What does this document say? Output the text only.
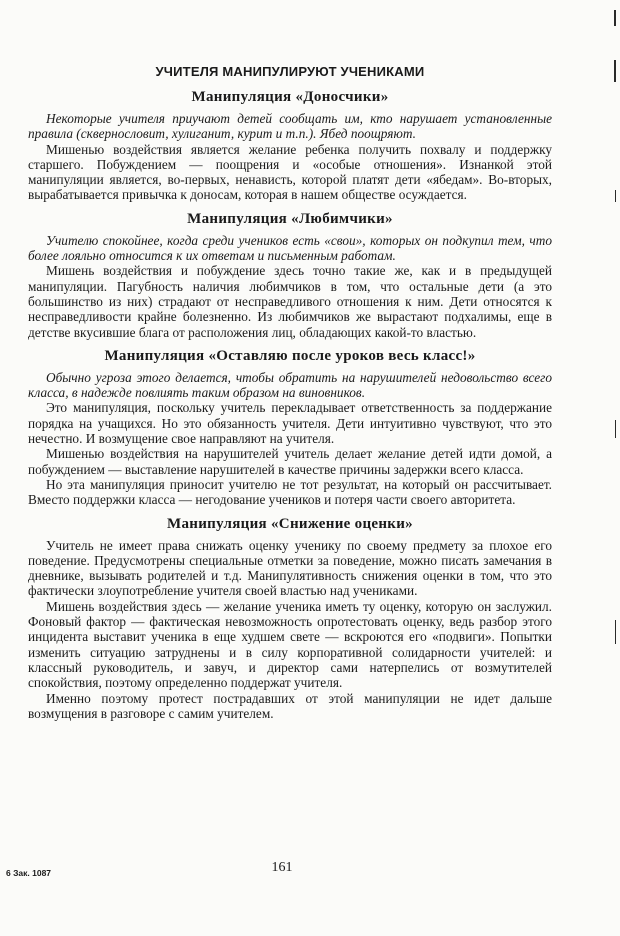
УЧИТЕЛЯ МАНИПУЛИРУЮТ УЧЕНИКАМИ
Манипуляция «Доносчики»

Некоторые учителя приучают детей сообщать им, кто нарушает установленные правила (сквернословит, хулиганит, курит и т.п.). Ябед поощряют.

Мишенью воздействия является желание ребенка получить похвалу и поддержку старшего. Побуждением — поощрения и «особые отношения». Изнанкой этой манипуляции является, во-первых, ненависть, которой платят дети «ябедам». Во-вторых, вырабатывается привычка к доносам, которая в нашем обществе осуждается.

Манипуляция «Любимчики»

Учителю спокойнее, когда среди учеников есть «свои», которых он подкупил тем, что более лояльно относится к их ответам и письменным работам.

Мишень воздействия и побуждение здесь точно такие же, как и в предыдущей манипуляции. Пагубность наличия любимчиков в том, что остальные дети (а это большинство из них) страдают от несправедливого отношения к ним. Дети относятся к несправедливости крайне болезненно. Из любимчиков же вырастают подхалимы, еще в детстве вкусившие блага от расположения лиц, обладающих какой-то властью.

Манипуляция «Оставляю после уроков весь класс!»

Обычно угроза этого делается, чтобы обратить на нарушителей недовольство всего класса, в надежде повлиять таким образом на виновников.

Это манипуляция, поскольку учитель перекладывает ответственность за поддержание порядка на учащихся. Но это обязанность учителя. Дети интуитивно чувствуют, что это нечестно. И возмущение свое направляют на учителя.

Мишенью воздействия на нарушителей учитель делает желание детей идти домой, а побуждением — выставление нарушителей в качестве причины задержки всего класса.

Но эта манипуляция приносит учителю не тот результат, на который он рассчитывает. Вместо поддержки класса — негодование учеников и потеря части своего авторитета.

Манипуляция «Снижение оценки»

Учитель не имеет права снижать оценку ученику по своему предмету за плохое его поведение. Предусмотрены специальные отметки за поведение, можно писать замечания в дневнике, вызывать родителей и т.д. Манипулятивность снижения оценки в том, что это фактически злоупотребление учителя своей властью над учениками.

Мишень воздействия здесь — желание ученика иметь ту оценку, которую он заслужил. Фоновый фактор — фактическая невозможность опротестовать оценку, ведь разбор этого инцидента выставит ученика в еще худшем свете — вскроются его «подвиги». Попытки изменить ситуацию затруднены и в силу корпоративной солидарности учителей: и классный руководитель, и завуч, и директор сами натерпелись от возмутителей спокойствия, поэтому определенно поддержат учителя.

Именно поэтому протест пострадавших от этой манипуляции не идет дальше возмущения в разговоре с самим учителем.

6 Зак. 1087	161
